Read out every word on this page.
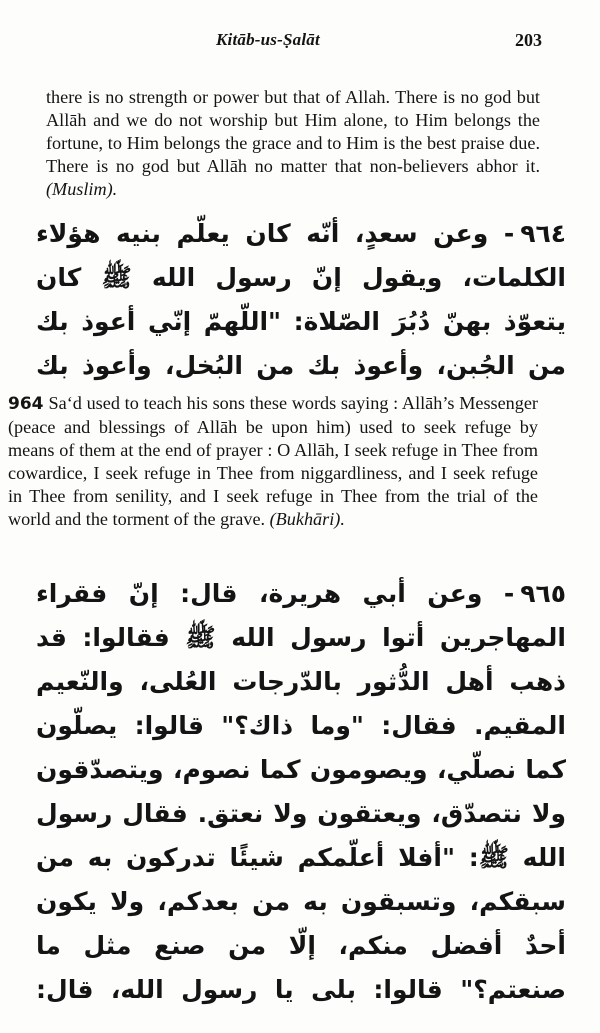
Kitāb-us-Ṣalāt	203

there is no strength or power but that of Allah. There is no god but Allāh and we do not worship but Him alone, to Him belongs the fortune, to Him belongs the grace and to Him is the best praise due. There is no god but Allāh no matter that non-believers abhor it. (Muslim).

٩٦٤- وعن سعدٍ، أنّه كان يعلّم بنيه هؤلاء الكلمات، ويقول إنّ رسول الله ﷺ كان يتعوّذ بهنّ دُبُرَ الصّلاة: "اللّهمّ إنّي أعوذ بك من الجُبن، وأعوذ بك من البُخل، وأعوذ بك

964 Sa‘d used to teach his sons these words saying : Allāh’s Messenger (peace and blessings of Allāh be upon him) used to seek refuge by means of them at the end of prayer : O Allāh, I seek refuge in Thee from cowardice, I seek refuge in Thee from niggardliness, and I seek refuge in Thee from senility, and I seek refuge in Thee from the trial of the world and the torment of the grave. (Bukhāri).

٩٦٥- وعن أبي هريرة، قال: إنّ فقراء المهاجرين أتوا رسول الله ﷺ فقالوا: قد ذهب أهل الدُّثور بالدّرجات العُلى، والنّعيم المقيم. فقال: "وما ذاك؟" قالوا: يصلّون كما نصلّي، ويصومون كما نصوم، ويتصدّقون ولا نتصدّق، ويعتقون ولا نعتق. فقال رسول الله ﷺ: "أفلا أعلّمكم شيئًا تدركون به من سبقكم، وتسبقون به من بعدكم، ولا يكون أحدٌ أفضل منكم، إلّا من صنع مثل ما صنعتم؟" قالوا: بلى يا رسول الله، قال:
